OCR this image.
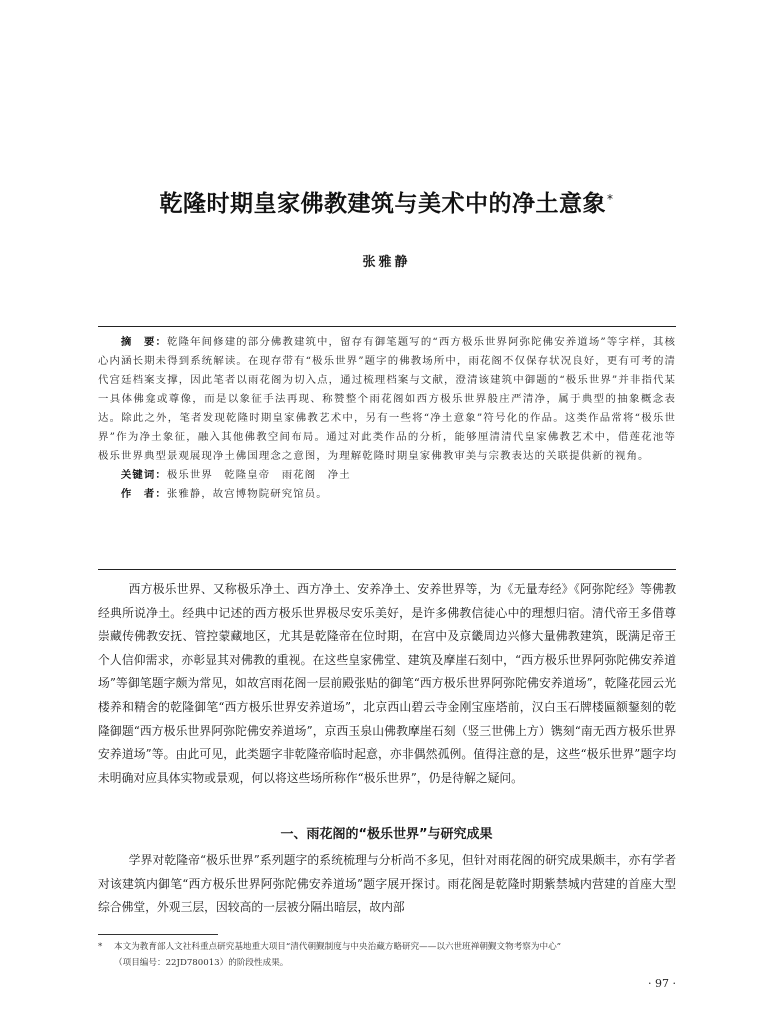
乾隆时期皇家佛教建筑与美术中的净土意象*
张雅静

摘　要：乾隆年间修建的部分佛教建筑中，留存有御笔题写的“西方极乐世界阿弥陀佛安养道场”等字样，其核心内涵长期未得到系统解读。在现存带有“极乐世界”题字的佛教场所中，雨花阁不仅保存状况良好，更有可考的清代宫廷档案支撑，因此笔者以雨花阁为切入点，通过梳理档案与文献，澄清该建筑中御题的“极乐世界”并非指代某一具体佛龛或尊像，而是以象征手法再现、称赞整个雨花阁如西方极乐世界般庄严清净，属于典型的抽象概念表达。除此之外，笔者发现乾隆时期皇家佛教艺术中，另有一些将“净土意象”符号化的作品。这类作品常将“极乐世界”作为净土象征，融入其他佛教空间布局。通过对此类作品的分析，能够厘清清代皇家佛教艺术中，借莲花池等极乐世界典型景观展现净土佛国理念之意图，为理解乾隆时期皇家佛教审美与宗教表达的关联提供新的视角。

关键词：极乐世界　乾隆皇帝　雨花阁　净土
作　者：张雅静，故宫博物院研究馆员。

西方极乐世界、又称极乐净土、西方净土、安养净土、安养世界等，为《无量寿经》《阿弥陀经》等佛教经典所说净土。经典中记述的西方极乐世界极尽安乐美好，是许多佛教信徒心中的理想归宿。清代帝王多借尊崇藏传佛教安抚、管控蒙藏地区，尤其是乾隆帝在位时期，在宫中及京畿周边兴修大量佛教建筑，既满足帝王个人信仰需求，亦彰显其对佛教的重视。在这些皇家佛堂、建筑及摩崖石刻中，“西方极乐世界阿弥陀佛安养道场”等御笔题字颇为常见，如故宫雨花阁一层前殿张贴的御笔“西方极乐世界阿弥陀佛安养道场”，乾隆花园云光楼养和精舍的乾隆御笔“西方极乐世界安养道场”，北京西山碧云寺金刚宝座塔前，汉白玉石牌楼匾额鋬刻的乾隆御题“西方极乐世界阿弥陀佛安养道场”，京西玉泉山佛教摩崖石刻（竖三世佛上方）镌刻“南无西方极乐世界安养道场”等。由此可见，此类题字非乾隆帝临时起意，亦非偶然孤例。值得注意的是，这些“极乐世界”题字均未明确对应具体实物或景观，何以将这些场所称作“极乐世界”，仍是待解之疑问。

一、雨花阁的“极乐世界”与研究成果

学界对乾隆帝“极乐世界”系列题字的系统梳理与分析尚不多见，但针对雨花阁的研究成果颇丰，亦有学者对该建筑内御笔“西方极乐世界阿弥陀佛安养道场”题字展开探讨。雨花阁是乾隆时期紫禁城内营建的首座大型综合佛堂，外观三层，因较高的一层被分隔出暗层，故内部

* 本文为教育部人文社科重点研究基地重大项目“清代朝觐制度与中央治藏方略研究——以六世班禅朝觐文物考察为中心”
（项目编号：22JD780013）的阶段性成果。
· 97 ·
